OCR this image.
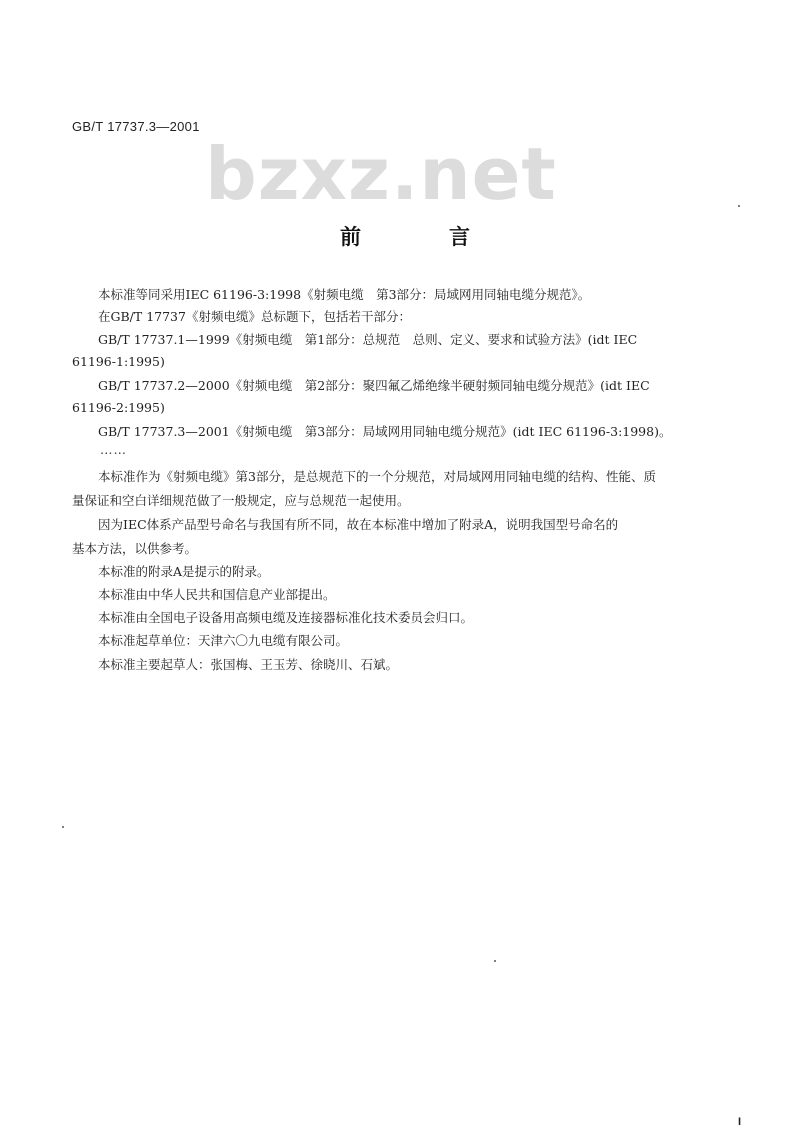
GB/T 17737.3—2001
bzxz.net
前	言
本标准等同采用IEC 61196-3:1998《射频电缆　第3部分：局域网用同轴电缆分规范》。
在GB/T 17737《射频电缆》总标题下，包括若干部分：
GB/T 17737.1—1999《射频电缆　第1部分：总规范　总则、定义、要求和试验方法》(idt IEC
61196-1:1995)
GB/T 17737.2—2000《射频电缆　第2部分：聚四氟乙烯绝缘半硬射频同轴电缆分规范》(idt IEC
61196-2:1995)
GB/T 17737.3—2001《射频电缆　第3部分：局域网用同轴电缆分规范》(idt IEC 61196-3:1998)。
……
本标准作为《射频电缆》第3部分，是总规范下的一个分规范，对局域网用同轴电缆的结构、性能、质
量保证和空白详细规范做了一般规定，应与总规范一起使用。
因为IEC体系产品型号命名与我国有所不同，故在本标准中增加了附录A，说明我国型号命名的
基本方法，以供参考。
本标准的附录A是提示的附录。
本标准由中华人民共和国信息产业部提出。
本标准由全国电子设备用高频电缆及连接器标准化技术委员会归口。
本标准起草单位：天津六〇九电缆有限公司。
本标准主要起草人：张国梅、王玉芳、徐晓川、石斌。
I
